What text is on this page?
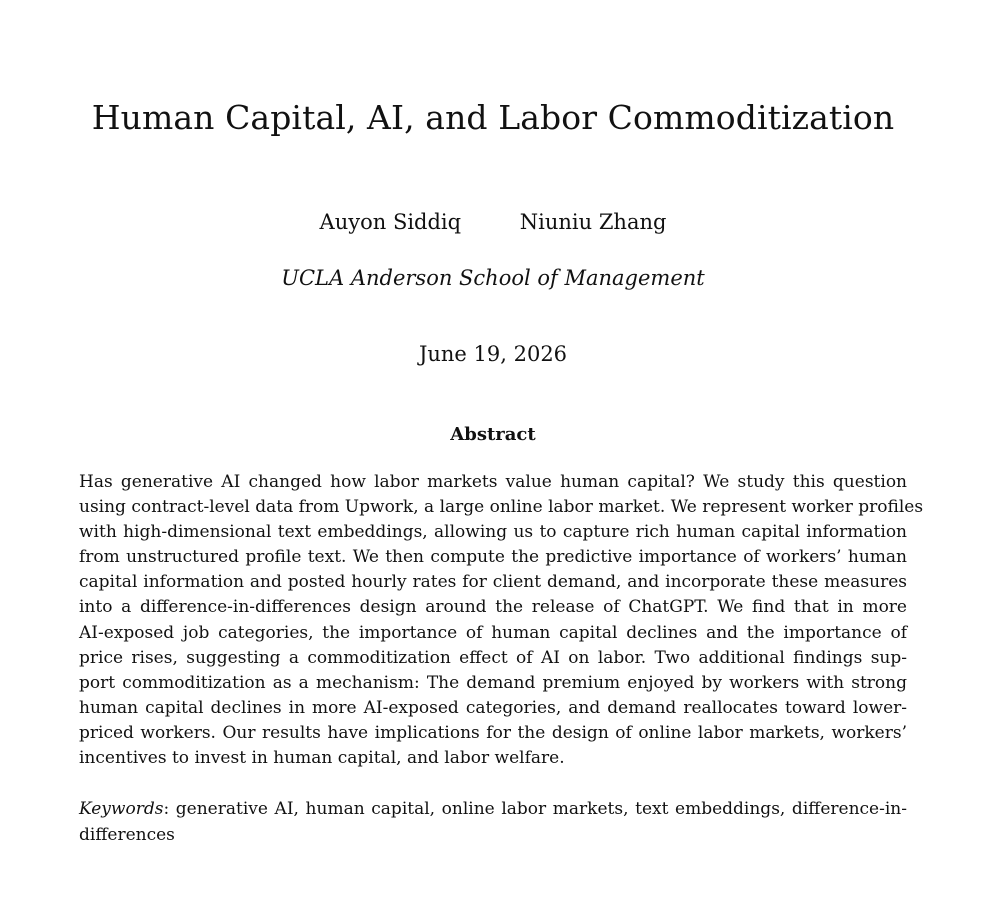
Human Capital, AI, and Labor Commoditization
Auyon Siddiq	Niuniu Zhang
UCLA Anderson School of Management
June 19, 2026
Abstract
Has generative AI changed how labor markets value human capital? We study this question
using contract-level data from Upwork, a large online labor market. We represent worker profiles
with high-dimensional text embeddings, allowing us to capture rich human capital information
from unstructured profile text. We then compute the predictive importance of workers’ human
capital information and posted hourly rates for client demand, and incorporate these measures
into a difference-in-differences design around the release of ChatGPT. We find that in more
AI-exposed job categories, the importance of human capital declines and the importance of
price rises, suggesting a commoditization effect of AI on labor. Two additional findings sup-
port commoditization as a mechanism: The demand premium enjoyed by workers with strong
human capital declines in more AI-exposed categories, and demand reallocates toward lower-
priced workers. Our results have implications for the design of online labor markets, workers’
incentives to invest in human capital, and labor welfare.
Keywords: generative AI, human capital, online labor markets, text embeddings, difference-in-
differences
